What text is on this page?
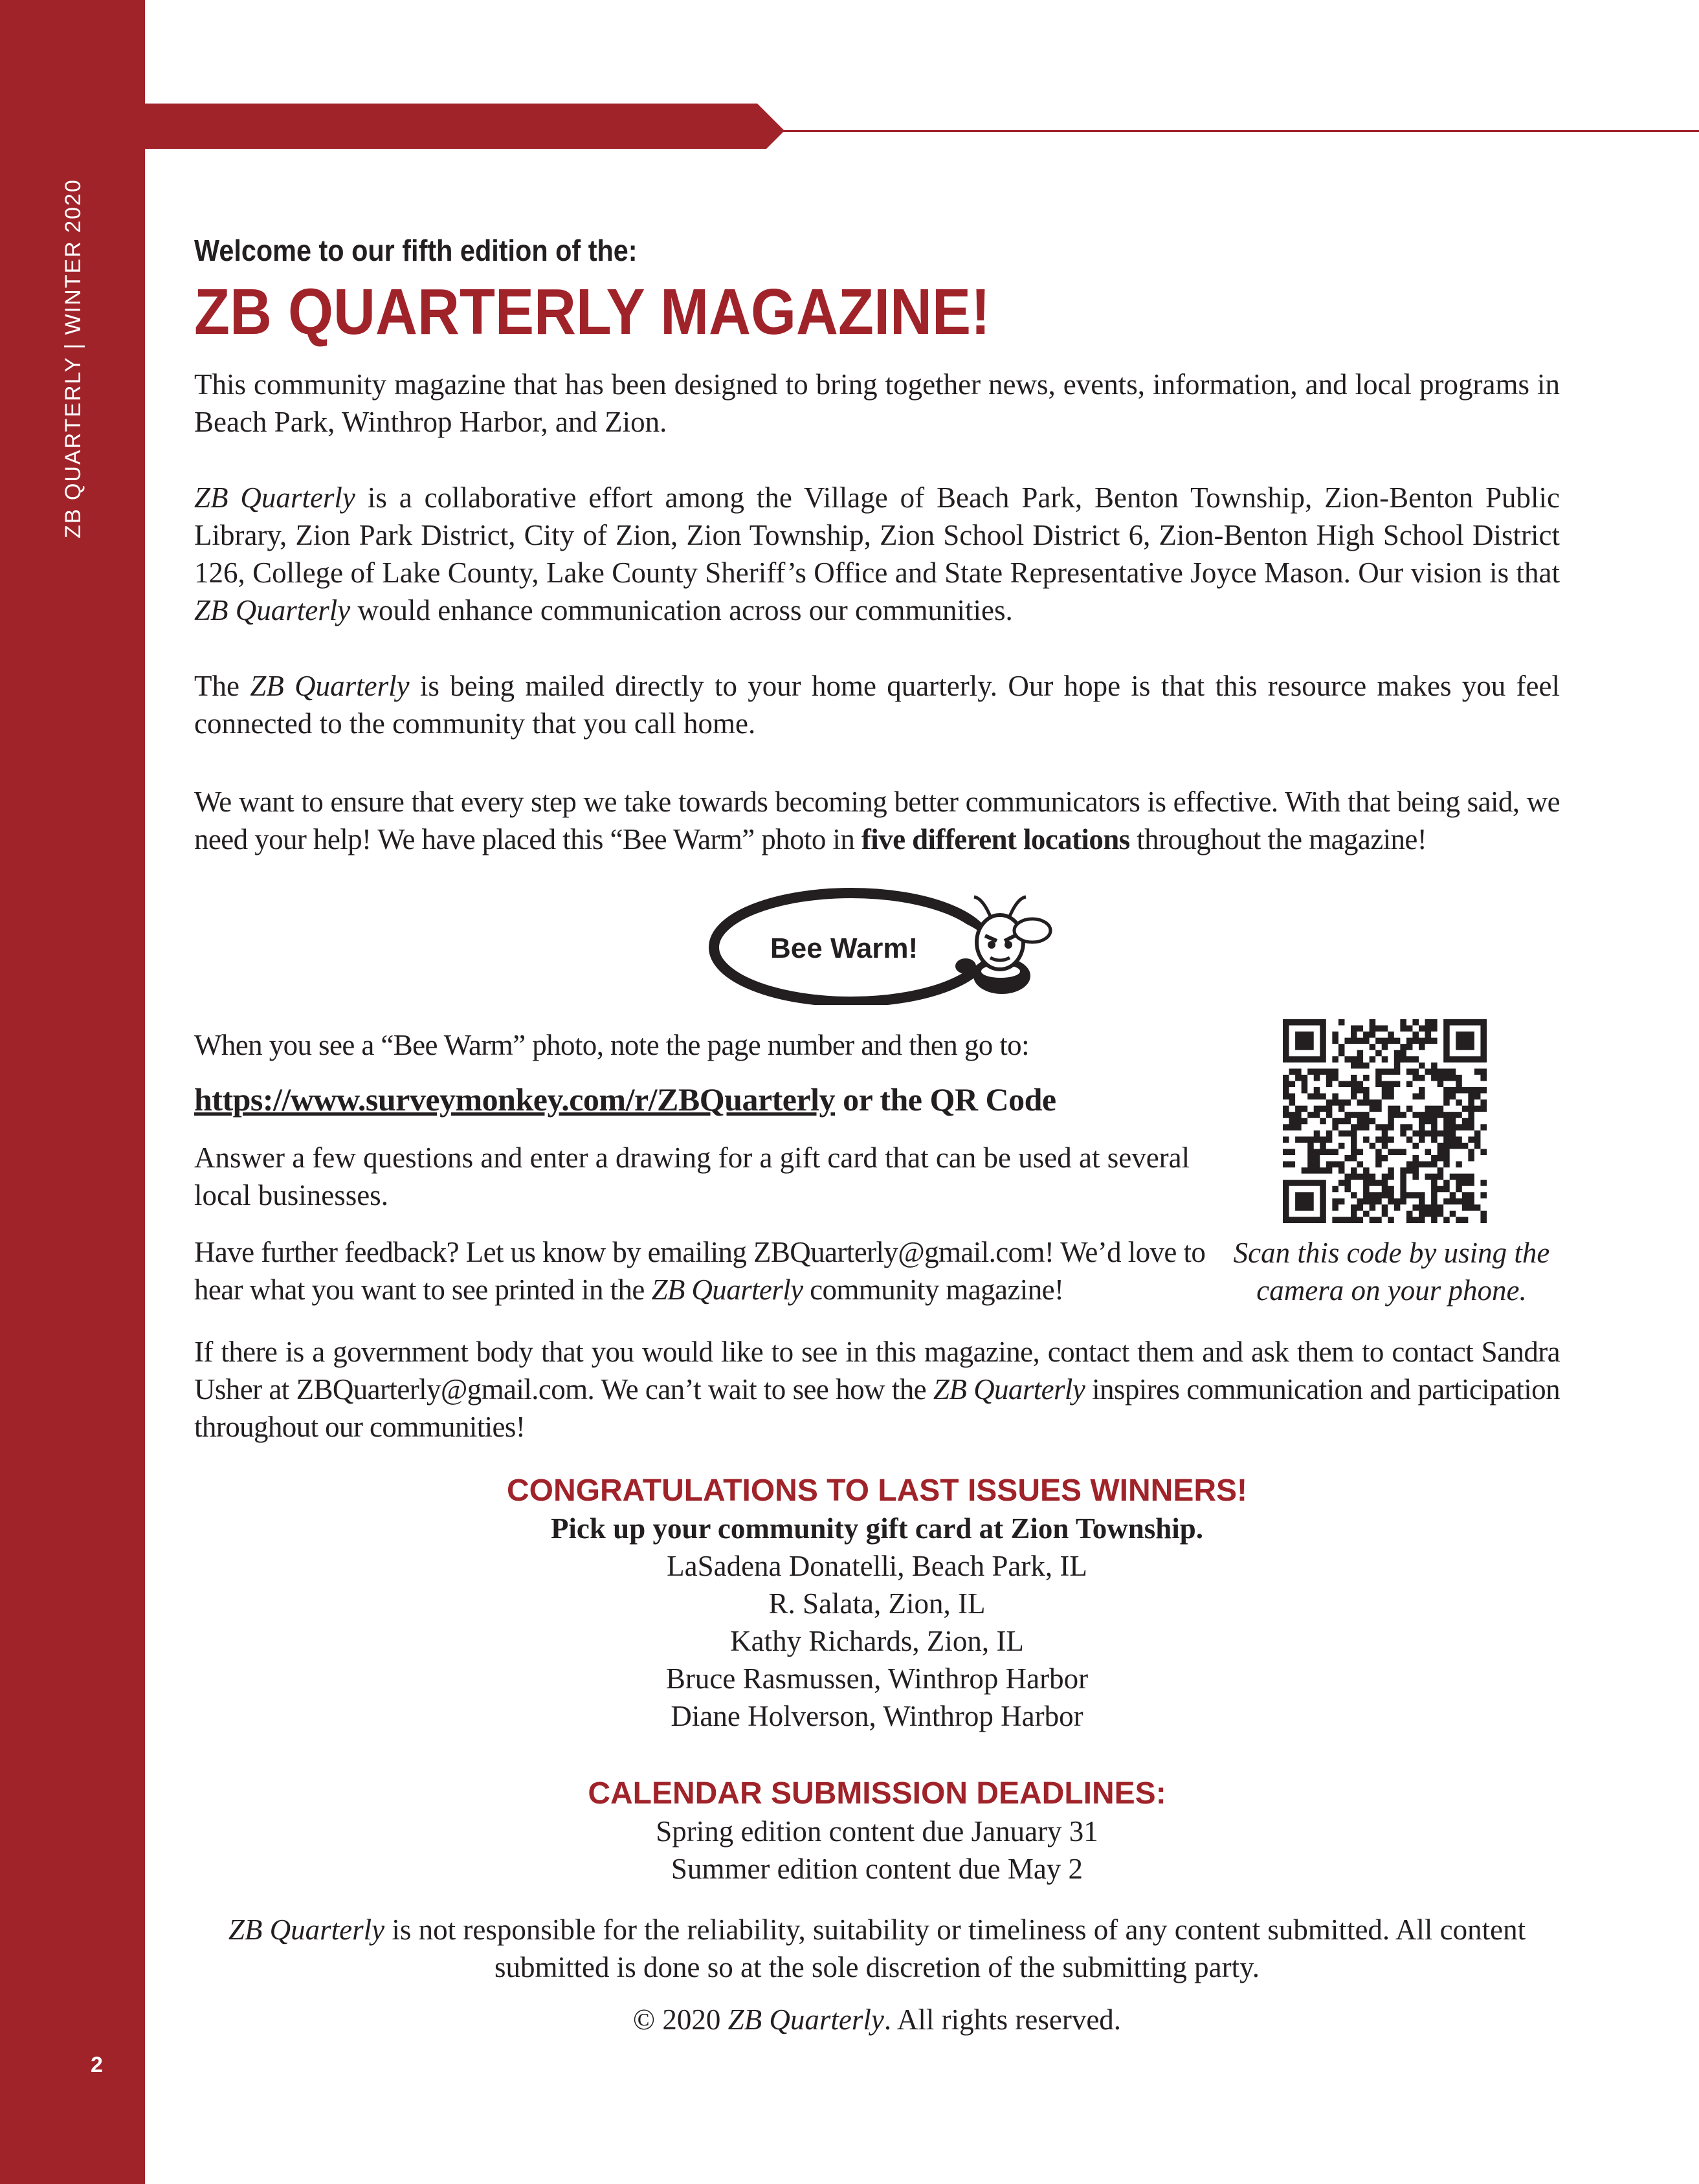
ZB QUARTERLY | WINTER 2020
2
Welcome to our fifth edition of the:
ZB QUARTERLY MAGAZINE!
This community magazine that has been designed to bring together news, events, information, and local programs in Beach Park, Winthrop Harbor, and Zion.
ZB Quarterly is a collaborative effort among the Village of Beach Park, Benton Township, Zion-Benton Public Library, Zion Park District, City of Zion, Zion Township, Zion School District 6, Zion-Benton High School District 126, College of Lake County, Lake County Sheriff’s Office and State Representative Joyce Mason. Our vision is that ZB Quarterly would enhance communication across our communities.
The ZB Quarterly is being mailed directly to your home quarterly. Our hope is that this resource makes you feel connected to the community that you call home.
We want to ensure that every step we take towards becoming better communicators is effective. With that being said, we need your help! We have placed this “Bee Warm” photo in five different locations throughout the magazine!
Bee Warm!
When you see a “Bee Warm” photo, note the page number and then go to:
https://www.surveymonkey.com/r/ZBQuarterly or the QR Code
Answer a few questions and enter a drawing for a gift card that can be used at several local businesses.
Have further feedback? Let us know by emailing ZBQuarterly@gmail.com! We’d love to hear what you want to see printed in the ZB Quarterly community magazine!
Scan this code by using the camera on your phone.
If there is a government body that you would like to see in this magazine, contact them and ask them to contact Sandra Usher at ZBQuarterly@gmail.com. We can’t wait to see how the ZB Quarterly inspires communication and participation throughout our communities!
CONGRATULATIONS TO LAST ISSUES WINNERS!
Pick up your community gift card at Zion Township.
LaSadena Donatelli, Beach Park, IL
R. Salata, Zion, IL
Kathy Richards, Zion, IL
Bruce Rasmussen, Winthrop Harbor
Diane Holverson, Winthrop Harbor
CALENDAR SUBMISSION DEADLINES:
Spring edition content due January 31
Summer edition content due May 2
ZB Quarterly is not responsible for the reliability, suitability or timeliness of any content submitted. All content submitted is done so at the sole discretion of the submitting party.
© 2020 ZB Quarterly. All rights reserved.
